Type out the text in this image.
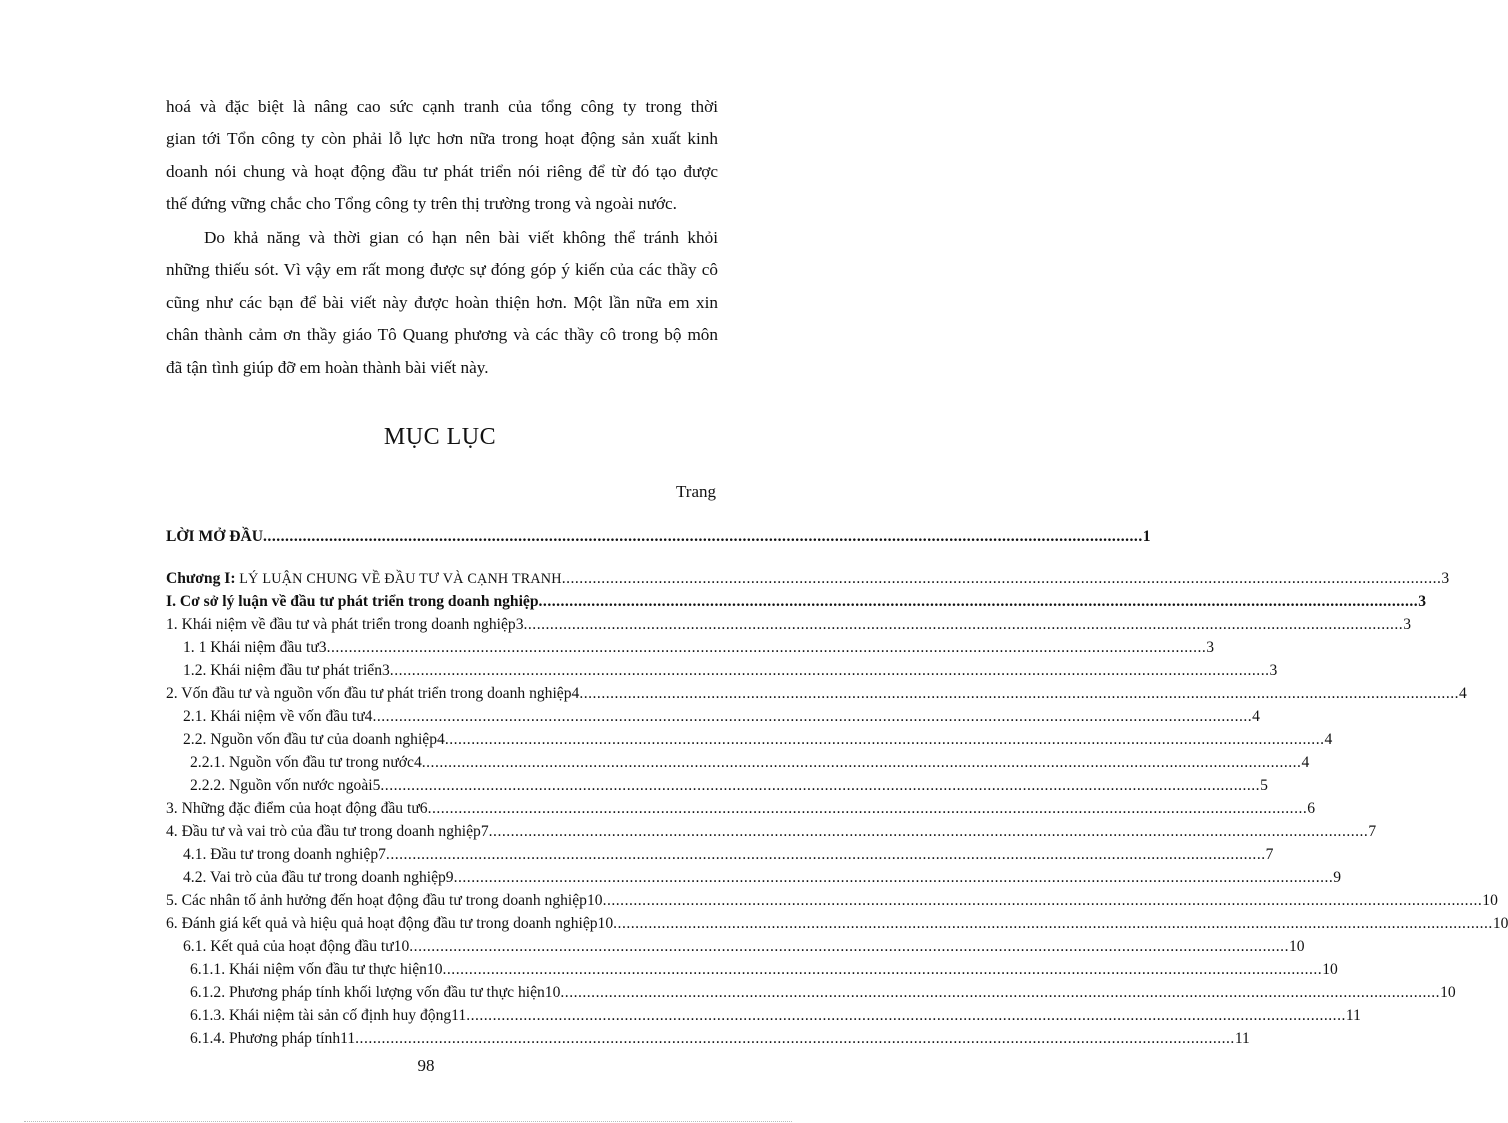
hoá và đặc biệt là nâng cao sức cạnh tranh của tổng công ty trong thời
gian tới Tổn công ty còn phải lỗ lực hơn nữa trong hoạt động sản xuất kinh
doanh nói chung và hoạt động đầu tư phát triển nói riêng để từ đó tạo được
thế đứng vững chắc cho Tổng công ty trên thị trường trong và ngoài nước.
Do khả năng và thời gian có hạn nên bài viết không thể tránh khỏi
những thiếu sót. Vì vậy em rất mong được sự đóng góp ý kiến của các thầy cô
cũng như các bạn để bài viết này được hoàn thiện hơn. Một lần nữa em xin
chân thành cảm ơn thầy giáo Tô Quang phương và các thầy cô trong bộ môn
đã tận tình giúp đỡ em hoàn thành bài viết này.
MỤC LỤC
Trang
LỜI MỞ ĐẦU ........................................................................................................................................................................................................ 1
Chương I: LÝ LUẬN CHUNG VỀ ĐẦU TƯ VÀ CẠNH TRANH ........................................................................................................................................................................................................ 3
I. Cơ sở lý luận về đầu tư phát triển trong doanh nghiệp ........................................................................................................................................................................................................ 3
1. Khái niệm về đầu tư và phát triển trong doanh nghiệp3 ........................................................................................................................................................................................................ 3
1. 1 Khái niệm đầu tư3 ........................................................................................................................................................................................................ 3
1.2. Khái niệm đầu tư phát triển3 ........................................................................................................................................................................................................ 3
2. Vốn đầu tư và nguồn vốn đầu tư phát triển trong doanh nghiệp4 ........................................................................................................................................................................................................ 4
2.1. Khái niệm về vốn đầu tư4 ........................................................................................................................................................................................................ 4
2.2. Nguồn vốn đầu tư của doanh nghiệp4 ........................................................................................................................................................................................................ 4
2.2.1. Nguồn vốn đầu tư trong nước4 ........................................................................................................................................................................................................ 4
2.2.2. Nguồn vốn nước ngoài5 ........................................................................................................................................................................................................ 5
3. Những đặc điểm của hoạt động đầu tư6 ........................................................................................................................................................................................................ 6
4. Đầu tư và vai trò của đầu tư trong doanh nghiệp7 ........................................................................................................................................................................................................ 7
4.1. Đầu tư trong doanh nghiệp7 ........................................................................................................................................................................................................ 7
4.2. Vai trò của đầu tư trong doanh nghiệp9 ........................................................................................................................................................................................................ 9
5. Các nhân tố ảnh hưởng đến hoạt động đầu tư trong doanh nghiệp10 ........................................................................................................................................................................................................ 10
6. Đánh giá kết quả và hiệu quả hoạt động đầu tư trong doanh nghiệp10 ........................................................................................................................................................................................................ 10
6.1. Kết quả của hoạt động đầu tư10 ........................................................................................................................................................................................................ 10
6.1.1. Khái niệm vốn đầu tư thực hiện10 ........................................................................................................................................................................................................ 10
6.1.2. Phương pháp tính khối lượng vốn đầu tư thực hiện10 ........................................................................................................................................................................................................ 10
6.1.3. Khái niệm tài sản cố định huy động11 ........................................................................................................................................................................................................ 11
6.1.4. Phương pháp tính11 ........................................................................................................................................................................................................ 11
98
